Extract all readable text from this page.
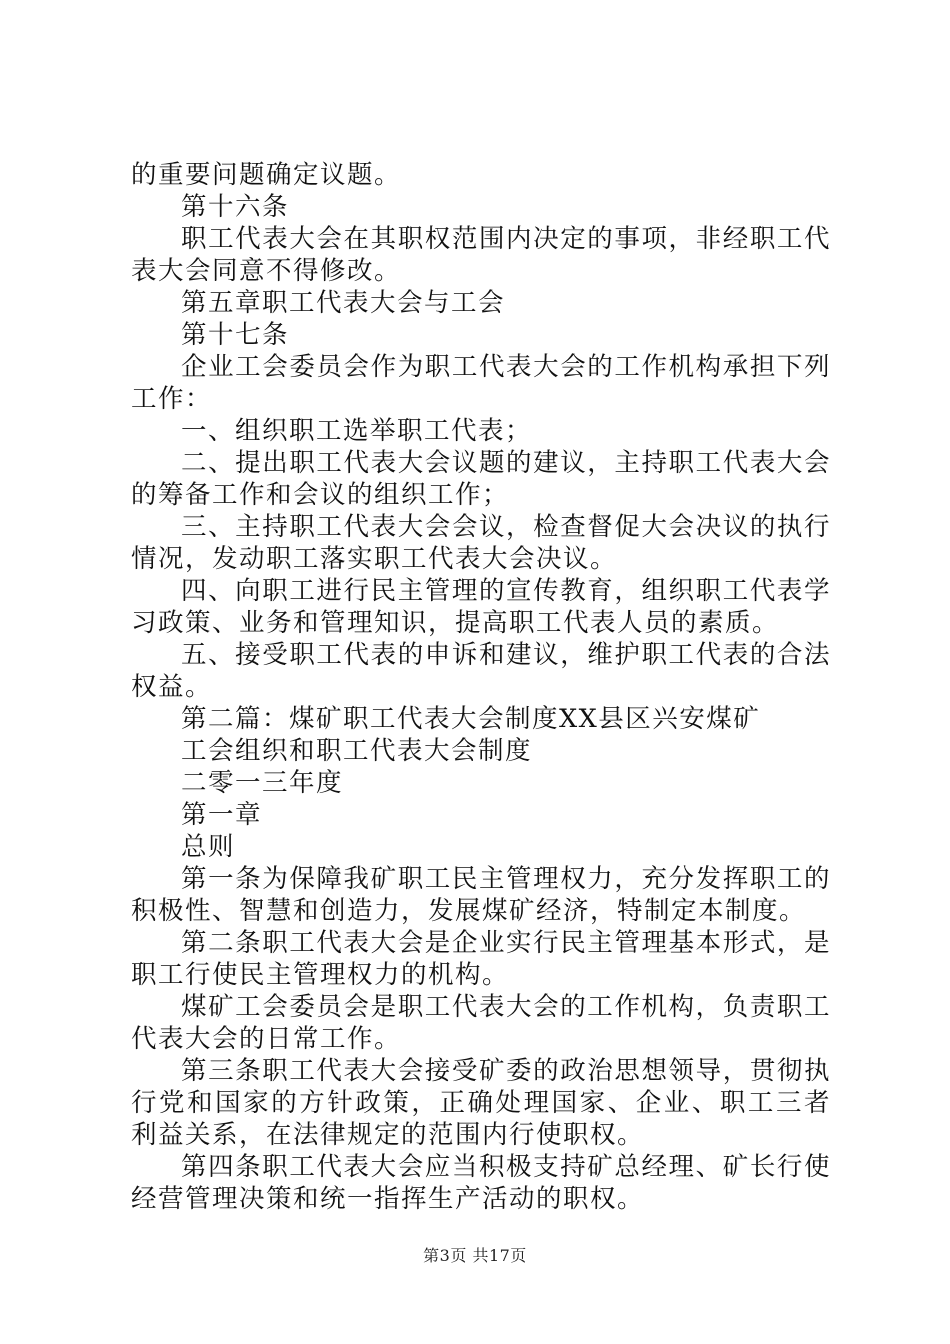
的重要问题确定议题。

第十六条

职工代表大会在其职权范围内决定的事项，非经职工代表大会同意不得修改。

第五章职工代表大会与工会

第十七条

企业工会委员会作为职工代表大会的工作机构承担下列工作：

一、组织职工选举职工代表；

二、提出职工代表大会议题的建议，主持职工代表大会的筹备工作和会议的组织工作；

三、主持职工代表大会会议，检查督促大会决议的执行情况，发动职工落实职工代表大会决议。

四、向职工进行民主管理的宣传教育，组织职工代表学习政策、业务和管理知识，提高职工代表人员的素质。

五、接受职工代表的申诉和建议，维护职工代表的合法权益。

第二篇：煤矿职工代表大会制度XX县区兴安煤矿

工会组织和职工代表大会制度

二零一三年度

第一章

总则

第一条为保障我矿职工民主管理权力，充分发挥职工的积极性、智慧和创造力，发展煤矿经济，特制定本制度。

第二条职工代表大会是企业实行民主管理基本形式，是职工行使民主管理权力的机构。

煤矿工会委员会是职工代表大会的工作机构，负责职工代表大会的日常工作。

第三条职工代表大会接受矿委的政治思想领导，贯彻执行党和国家的方针政策，正确处理国家、企业、职工三者利益关系，在法律规定的范围内行使职权。

第四条职工代表大会应当积极支持矿总经理、矿长行使经营管理决策和统一指挥生产活动的职权。

第3页 共17页
